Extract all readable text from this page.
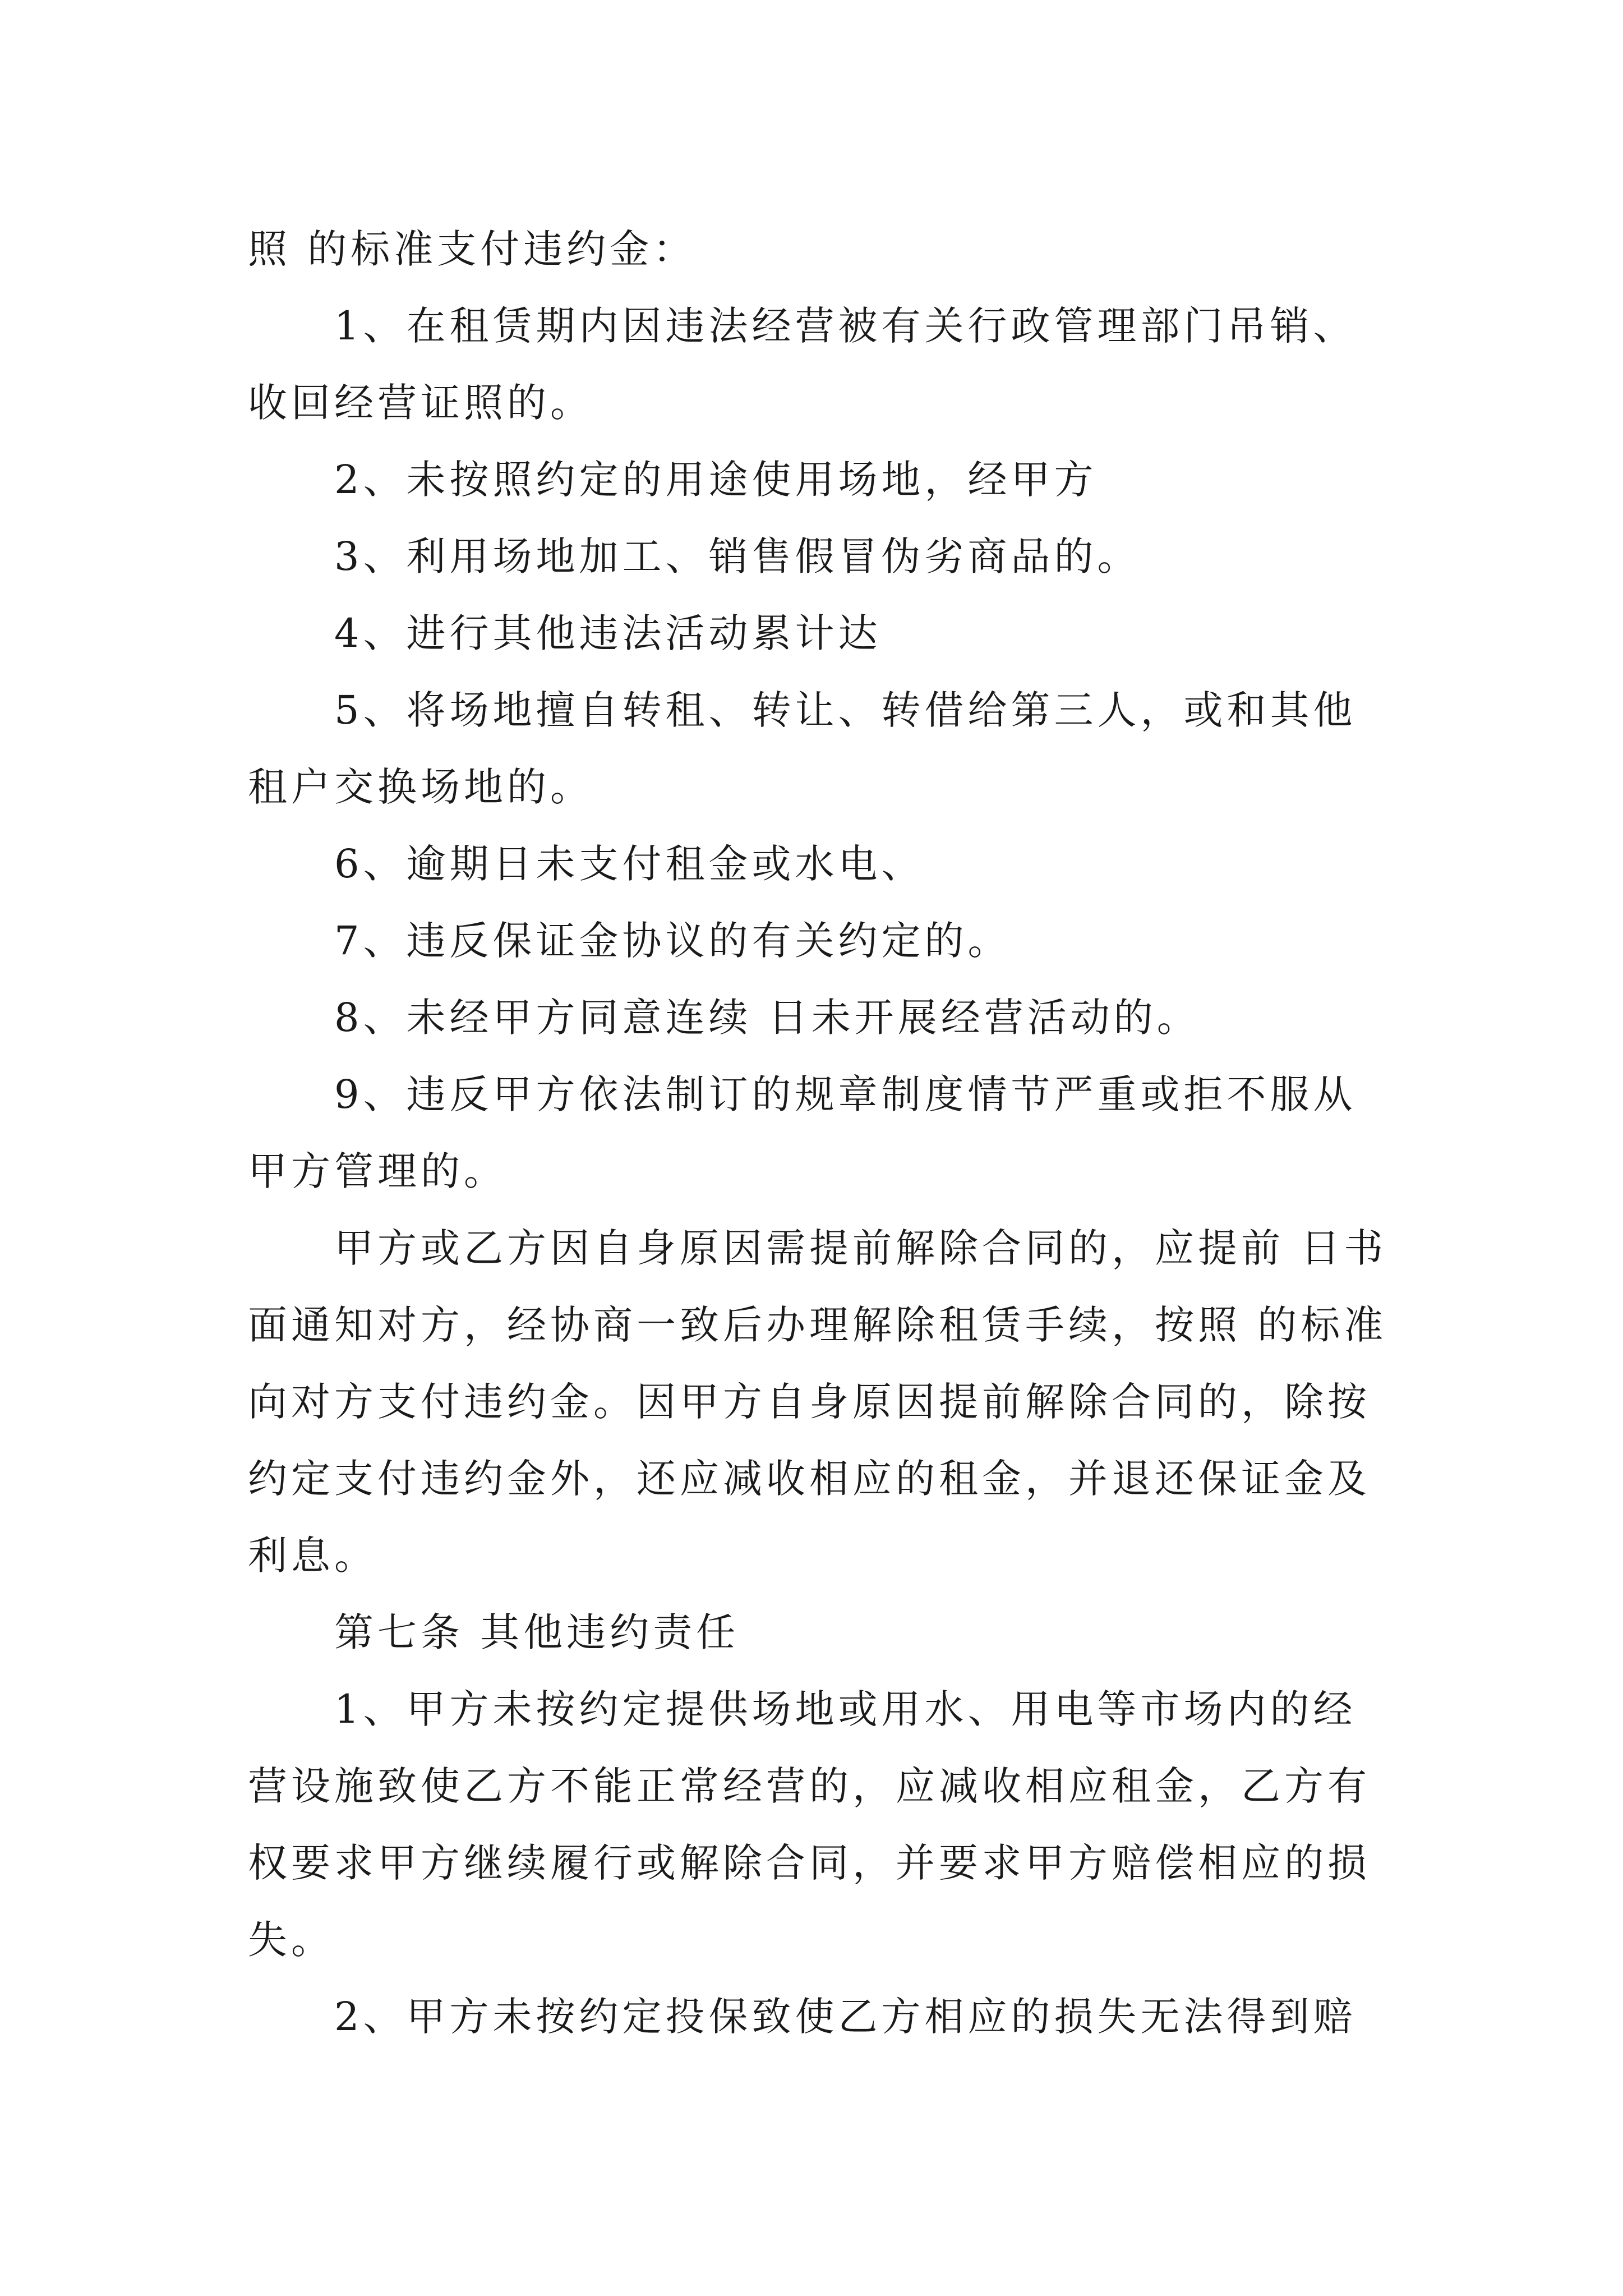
照 的标准支付违约金：

1、在租赁期内因违法经营被有关行政管理部门吊销、收回经营证照的。

2、未按照约定的用途使用场地，经甲方

3、利用场地加工、销售假冒伪劣商品的。

4、进行其他违法活动累计达

5、将场地擅自转租、转让、转借给第三人，或和其他租户交换场地的。

6、逾期日未支付租金或水电、

7、违反保证金协议的有关约定的。

8、未经甲方同意连续 日未开展经营活动的。

9、违反甲方依法制订的规章制度情节严重或拒不服从甲方管理的。

甲方或乙方因自身原因需提前解除合同的，应提前 日书面通知对方，经协商一致后办理解除租赁手续，按照 的标准向对方支付违约金。因甲方自身原因提前解除合同的，除按约定支付违约金外，还应减收相应的租金，并退还保证金及利息。

第七条 其他违约责任

1、甲方未按约定提供场地或用水、用电等市场内的经营设施致使乙方不能正常经营的，应减收相应租金，乙方有权要求甲方继续履行或解除合同，并要求甲方赔偿相应的损失。

2、甲方未按约定投保致使乙方相应的损失无法得到赔
